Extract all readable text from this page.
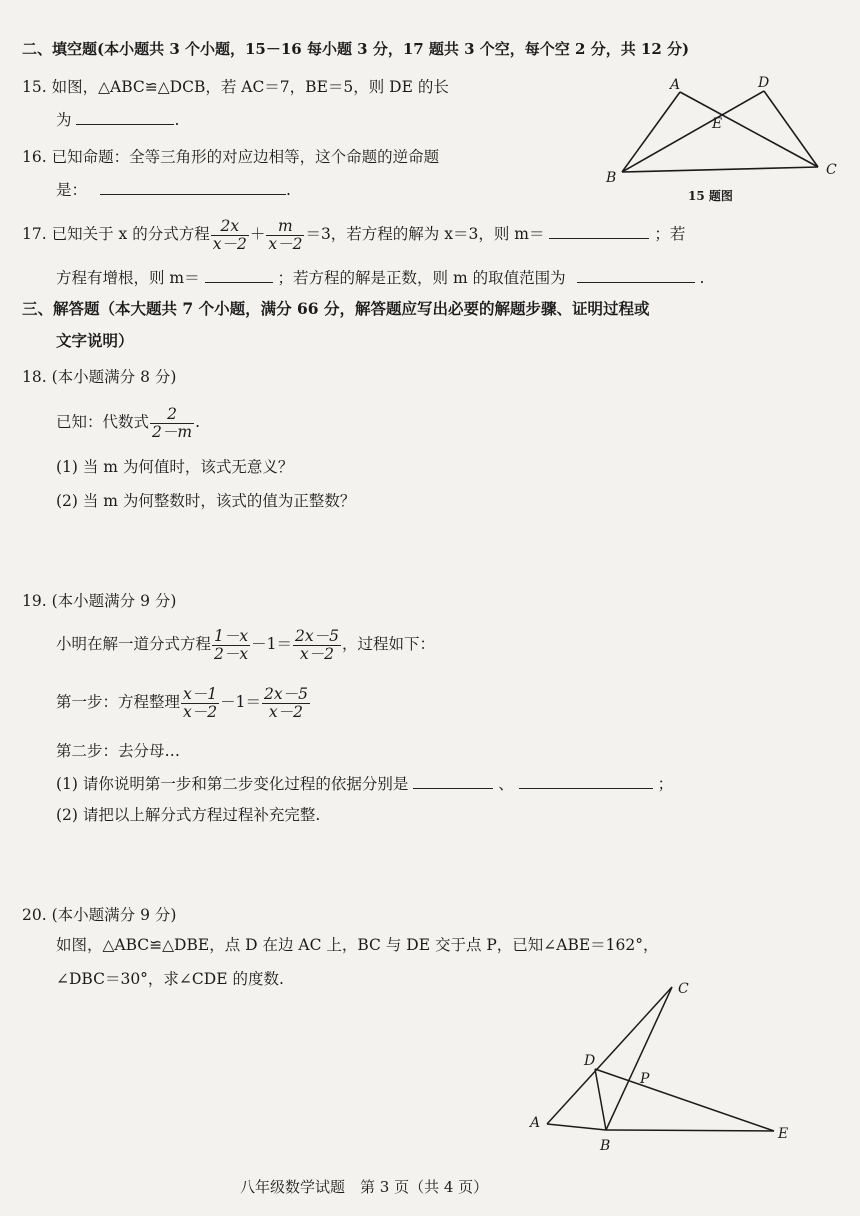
二、填空题(本小题共 3 个小题，15－16 每小题 3 分，17 题共 3 个空，每个空 2 分，共 12 分)
15. 如图，△ABC≌△DCB，若 AC＝7，BE＝5，则 DE 的长
为	.
A	D
E
B	C
15 题图
16. 已知命题：全等三角形的对应边相等，这个命题的逆命题
是：	.
17. 已知关于 x 的分式方程 $\frac{2x}{x-2} + \frac{m}{x-2} =3$，若方程的解为 x＝3，则 m＝	；若
方程有增根，则 m＝	；若方程的解是正数，则 m 的取值范围为	.
三、解答题（本大题共 7 个小题，满分 66 分，解答题应写出必要的解题步骤、证明过程或
文字说明）
18. (本小题满分 8 分)
已知：代数式 $\frac{2}{2-m}$ .
(1) 当 m 为何值时，该式无意义？
(2) 当 m 为何整数时，该式的值为正整数？
19. (本小题满分 9 分)
小明在解一道分式方程 $\frac{1-x}{2-x} -1= \frac{2x-5}{x-2}$ ，过程如下：
第一步：方程整理 $\frac{x-1}{x-2} -1= \frac{2x-5}{x-2}$
第二步：去分母…
(1) 请你说明第一步和第二步变化过程的依据分别是	、	；
(2) 请把以上解分式方程过程补充完整.
20. (本小题满分 9 分)
如图，△ABC≌△DBE，点 D 在边 AC 上，BC 与 DE 交于点 P，已知∠ABE＝162°，
∠DBC＝30°，求∠CDE 的度数.
C
D
P
A
B
E
八年级数学试题　第 3 页（共 4 页）
